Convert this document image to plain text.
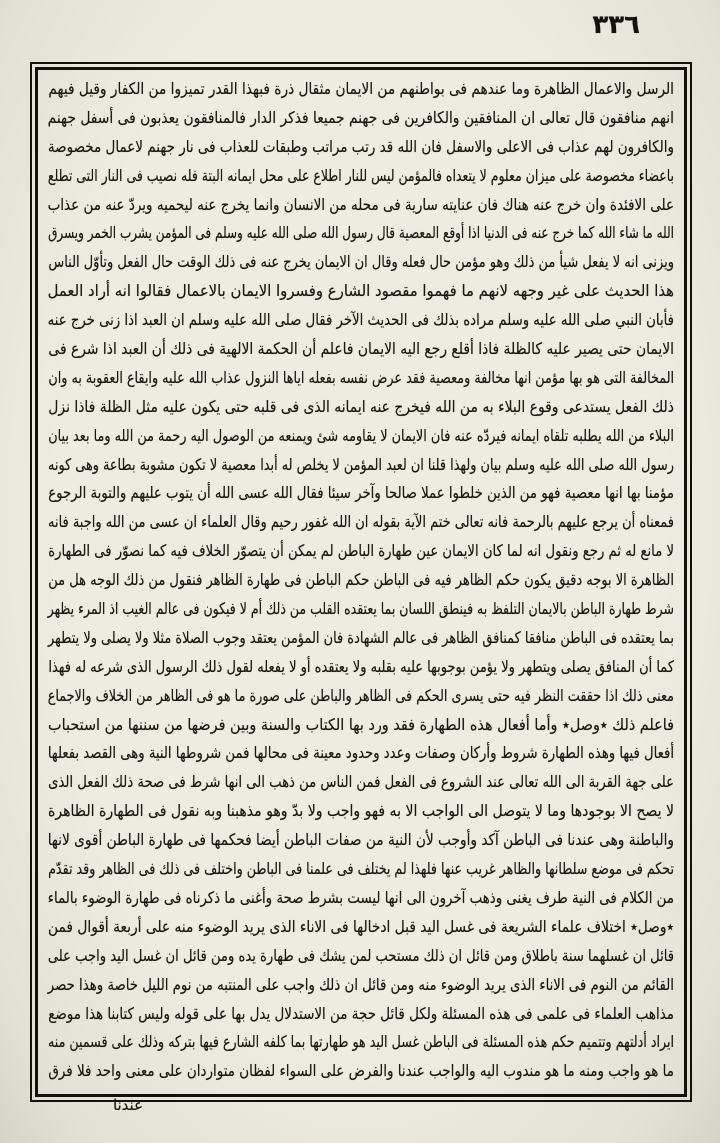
٣٣٦
الرسل والاعمال الظاهرة وما عندهم فى بواطنهم من الايمان مثقال ذرة فبهذا القدر تميزوا من الكفار وقيل فيهم
انهم منافقون قال تعالى ان المنافقين والكافرين فى جهنم جميعا فذكر الدار فالمنافقون يعذبون فى أسفل جهنم
والكافرون لهم عذاب فى الاعلى والاسفل فان الله قد رتب مراتب وطبقات للعذاب فى نار جهنم لاعمال مخصوصة
باعضاء مخصوصة على ميزان معلوم لا يتعداه فالمؤمن ليس للنار اطلاع على محل ايمانه البتة فله نصيب فى النار التى تطلع
على الافئدة وان خرج عنه هناك فان عنايته سارية فى محله من الانسان وانما يخرج عنه ليحميه ويردّ عنه من عذاب
الله ما شاء الله كما خرج عنه فى الدنيا اذا أوقع المعصية قال رسول الله صلى الله عليه وسلم فى المؤمن يشرب الخمر ويسرق
ويزنى انه لا يفعل شيأ من ذلك وهو مؤمن حال فعله وقال ان الايمان يخرج عنه فى ذلك الوقت حال الفعل وتأوّل الناس
هذا الحديث على غير وجهه لانهم ما فهموا مقصود الشارع وفسروا الايمان بالاعمال فقالوا انه أراد العمل
فأبان النبي صلى الله عليه وسلم مراده بذلك فى الحديث الآخر فقال صلى الله عليه وسلم ان العبد اذا زنى خرج عنه
الايمان حتى يصير عليه كالظلة فاذا أقلع رجع اليه الايمان فاعلم أن الحكمة الالهية فى ذلك أن العبد اذا شرع فى
المخالفة التى هو بها مؤمن انها مخالفة ومعصية فقد عرض نفسه بفعله اياها النزول عذاب الله عليه وايقاع العقوبة به وان
ذلك الفعل يستدعى وقوع البلاء به من الله فيخرج عنه ايمانه الذى فى قلبه حتى يكون عليه مثل الظلة فاذا نزل
البلاء من الله يطلبه تلقاه ايمانه فيردّه عنه فان الايمان لا يقاومه شئ ويمنعه من الوصول اليه رحمة من الله وما بعد بيان
رسول الله صلى الله عليه وسلم بيان ولهذا قلنا ان لعبد المؤمن لا يخلص له أبدا معصية لا تكون مشوبة بطاعة وهى كونه
مؤمنا بها انها معصية فهو من الذين خلطوا عملا صالحا وآخر سيئا فقال الله عسى الله أن يتوب عليهم والتوبة الرجوع
فمعناه أن يرجع عليهم بالرحمة فانه تعالى ختم الآية بقوله ان الله غفور رحيم وقال العلماء ان عسى من الله واجبة فانه
لا مانع له ثم رجع ونقول انه لما كان الايمان عين طهارة الباطن لم يمكن أن يتصوّر الخلاف فيه كما نصوّر فى الطهارة
الظاهرة الا بوجه دقيق يكون حكم الظاهر فيه فى الباطن حكم الباطن فى طهارة الظاهر فنقول من ذلك الوجه هل من
شرط طهارة الباطن بالايمان التلفظ به فينطق اللسان بما يعتقده القلب من ذلك أم لا فيكون فى عالم الغيب اذ المرء يظهر
بما يعتقده فى الباطن منافقا كمنافق الظاهر فى عالم الشهادة فان المؤمن يعتقد وجوب الصلاة مثلا ولا يصلى ولا يتطهر
كما أن المنافق يصلى ويتطهر ولا يؤمن بوجوبها عليه بقلبه ولا يعتقده أو لا يفعله لقول ذلك الرسول الذى شرعه له فهذا
معنى ذلك اذا حققت النظر فيه حتى يسرى الحكم فى الظاهر والباطن على صورة ما هو فى الظاهر من الخلاف والاجماع
فاعلم ذلك ٭وصل٭ وأما أفعال هذه الطهارة فقد ورد بها الكتاب والسنة وبين فرضها من سننها من استحباب
أفعال فيها وهذه الطهارة شروط وأركان وصفات وعدد وحدود معينة فى محالها فمن شروطها النية وهى القصد بفعلها
على جهة القربة الى الله تعالى عند الشروع فى الفعل فمن الناس من ذهب الى انها شرط فى صحة ذلك الفعل الذى
لا يصح الا بوجودها وما لا يتوصل الى الواجب الا به فهو واجب ولا بدّ وهو مذهبنا وبه نقول فى الطهارة الظاهرة
والباطنة وهى عندنا فى الباطن آكد وأوجب لأن النية من صفات الباطن أيضا فحكمها فى طهارة الباطن أقوى لانها
تحكم فى موضع سلطانها والظاهر غريب عنها فلهذا لم يختلف فى علمنا فى الباطن واختلف فى ذلك فى الظاهر وقد تقدّم
من الكلام فى النية طرف يغنى وذهب آخرون الى انها ليست بشرط صحة وأغنى ما ذكرناه فى طهارة الوضوء بالماء
٭وصل٭ اختلاف علماء الشريعة فى غسل اليد قبل ادخالها فى الاناء الذى يريد الوضوء منه على أربعة أقوال فمن
قائل ان غسلهما سنة باطلاق ومن قائل ان ذلك مستحب لمن يشك فى طهارة يده ومن قائل ان غسل اليد واجب على
القائم من النوم فى الاناء الذى يريد الوضوء منه ومن قائل ان ذلك واجب على المنتبه من نوم الليل خاصة وهذا حصر
مذاهب العلماء فى علمى فى هذه المسئلة ولكل قائل حجة من الاستدلال يدل بها على قوله وليس كتابنا هذا موضع
ايراد أدلتهم وتتميم حكم هذه المسئلة فى الباطن غسل اليد هو طهارتها بما كلفه الشارع فيها بتركه وذلك على قسمين منه
ما هو واجب ومنه ما هو مندوب اليه والواجب عندنا والفرض على السواء لفظان متواردان على معنى واحد فلا فرق
عندنا
